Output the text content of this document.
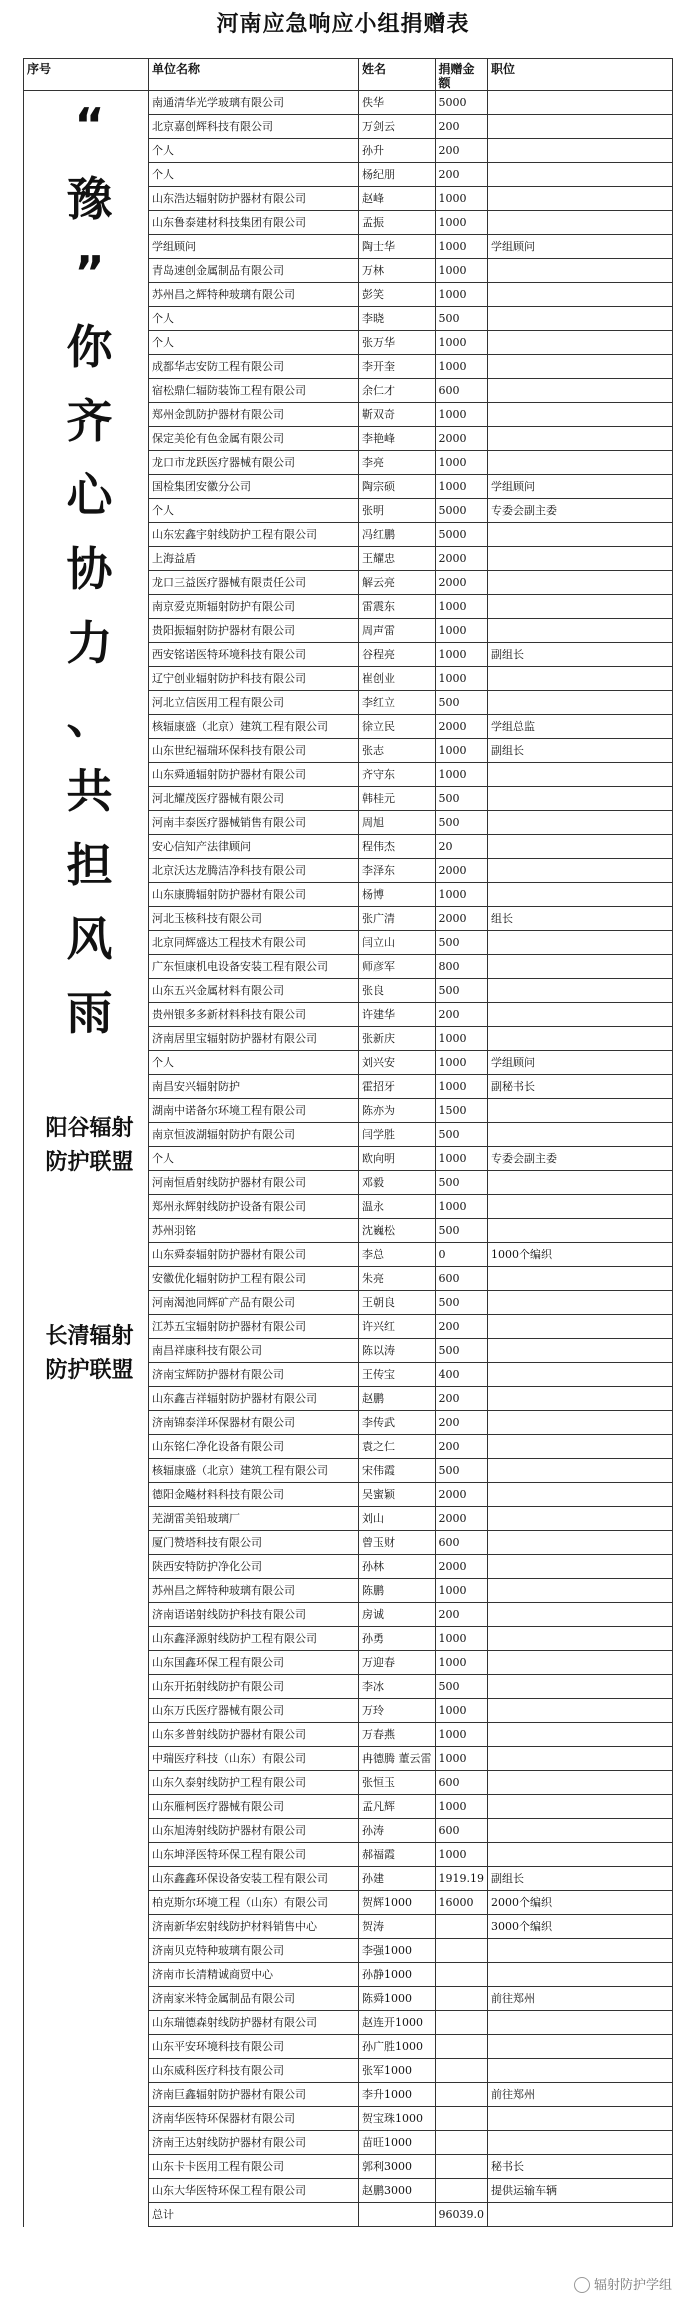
河南应急响应小组捐赠表
序号	单位名称	姓名	捐赠金额	职位
	南通清华光学玻璃有限公司	佚华	5000	
	北京嘉创辉科技有限公司	万剑云	200	
	个人	孙升	200	
	个人	杨纪朋	200	
	山东浩达辐射防护器材有限公司	赵峰	1000	
	山东鲁泰建材科技集团有限公司	孟振	1000	
	学组顾问	陶士华	1000	学组顾问
	青岛速创金属制品有限公司	万林	1000	
	苏州昌之辉特种玻璃有限公司	彭笑	1000	
	个人	李晓	500	
	个人	张万华	1000	
	成都华志安防工程有限公司	李开奎	1000	
	宿松鼎仁辐防装饰工程有限公司	余仁才	600	
	郑州金凯防护器材有限公司	靳双奇	1000	
	保定美伦有色金属有限公司	李艳峰	2000	
	龙口市龙跃医疗器械有限公司	李亮	1000	
	国检集团安徽分公司	陶宗硕	1000	学组顾问
	个人	张明	5000	专委会副主委
	山东宏鑫宇射线防护工程有限公司	冯红鹏	5000	
	上海益盾	王耀忠	2000	
	龙口三益医疗器械有限责任公司	解云亮	2000	
	南京爱克斯辐射防护有限公司	雷震东	1000	
	贵阳振辐射防护器材有限公司	周声雷	1000	
	西安铭诺医特环境科技有限公司	谷程亮	1000	副组长
	辽宁创业辐射防护科技有限公司	崔创业	1000	
	河北立信医用工程有限公司	李红立	500	
	核辐康盛（北京）建筑工程有限公司	徐立民	2000	学组总监
	山东世纪福瑞环保科技有限公司	张志	1000	副组长
	山东舜通辐射防护器材有限公司	齐守东	1000	
	河北耀茂医疗器械有限公司	韩桂元	500	
	河南丰泰医疗器械销售有限公司	周旭	500	
	安心信知产法律顾问	程伟杰	20	
	北京沃达龙腾洁净科技有限公司	李泽东	2000	
	山东康腾辐射防护器材有限公司	杨博	1000	
	河北玉核科技有限公司	张广清	2000	组长
	北京同辉盛达工程技术有限公司	闫立山	500	
	广东恒康机电设备安装工程有限公司	师彦军	800	
	山东五兴金属材料有限公司	张良	500	
	贵州银多多新材料科技有限公司	许建华	200	
	济南居里宝辐射防护器材有限公司	张新庆	1000	
	个人	刘兴安	1000	学组顾问
	南昌安兴辐射防护	霍招牙	1000	副秘书长
	湖南中诺备尔环境工程有限公司	陈亦为	1500	
	南京恒波湖辐射防护有限公司	闫学胜	500	
	个人	欧向明	1000	专委会副主委
	河南恒盾射线防护器材有限公司	邓毅	500	
	郑州永辉射线防护设备有限公司	温永	1000	
	苏州羽铭	沈巍松	500	
	山东舜泰辐射防护器材有限公司	李总	0	1000个编织
	安徽优化辐射防护工程有限公司	朱亮	600	
	河南渴池同辉矿产品有限公司	王朝良	500	
	江苏五宝辐射防护器材有限公司	许兴红	200	
	南昌祥康科技有限公司	陈以涛	500	
	济南宝辉防护器材有限公司	王传宝	400	
	山东鑫吉祥辐射防护器材有限公司	赵鹏	200	
	济南锦泰洋环保器材有限公司	李传武	200	
	山东铭仁净化设备有限公司	袁之仁	200	
	核辐康盛（北京）建筑工程有限公司	宋伟霞	500	
	德阳金飚材料科技有限公司	吴蜜颖	2000	
	芜湖雷美铅玻璃厂	刘山	2000	
	厦门赞塔科技有限公司	曾玉财	600	
	陕西安特防护净化公司	孙林	2000	
	苏州昌之辉特种玻璃有限公司	陈鹏	1000	
	济南语诺射线防护科技有限公司	房诚	200	
	山东鑫泽源射线防护工程有限公司	孙勇	1000	
	山东国鑫环保工程有限公司	万迎春	1000	
	山东开拓射线防护有限公司	李冰	500	
	山东万氏医疗器械有限公司	万玲	1000	
	山东多普射线防护器材有限公司	万春燕	1000	
	中瑞医疗科技（山东）有限公司	冉德腾 董云雷	1000	
	山东久泰射线防护工程有限公司	张恒玉	600	
	山东雁柯医疗器械有限公司	孟凡辉	1000	
	山东旭涛射线防护器材有限公司	孙涛	600	
	山东坤泽医特环保工程有限公司	郝福霞	1000	
	山东鑫鑫环保设备安装工程有限公司	孙建	1919.19	副组长
	柏克斯尔环境工程（山东）有限公司	贺辉1000	16000	2000个编织
	济南新华宏射线防护材料销售中心	贺涛		3000个编织
	济南贝克特种玻璃有限公司	李强1000		
	济南市长清精诚商贸中心	孙静1000		
	济南家米特金属制品有限公司	陈舜1000		前往郑州
	山东瑞德森射线防护器材有限公司	赵连开1000		
	山东平安环境科技有限公司	孙广胜1000		
	山东威科医疗科技有限公司	张军1000		
	济南巨鑫辐射防护器材有限公司	李升1000		前往郑州
	济南华医特环保器材有限公司	贺宝珠1000		
	济南王达射线防护器材有限公司	苗旺1000		
	山东卡卡医用工程有限公司	郭利3000		秘书长
	山东大华医特环保工程有限公司	赵鹏3000		提供运输车辆
	总计		96039.0	
“
豫
”
你
齐
心
协
力
、
共
担
风
雨
阳谷辐射
防护联盟
长清辐射
防护联盟
辐射防护学组
